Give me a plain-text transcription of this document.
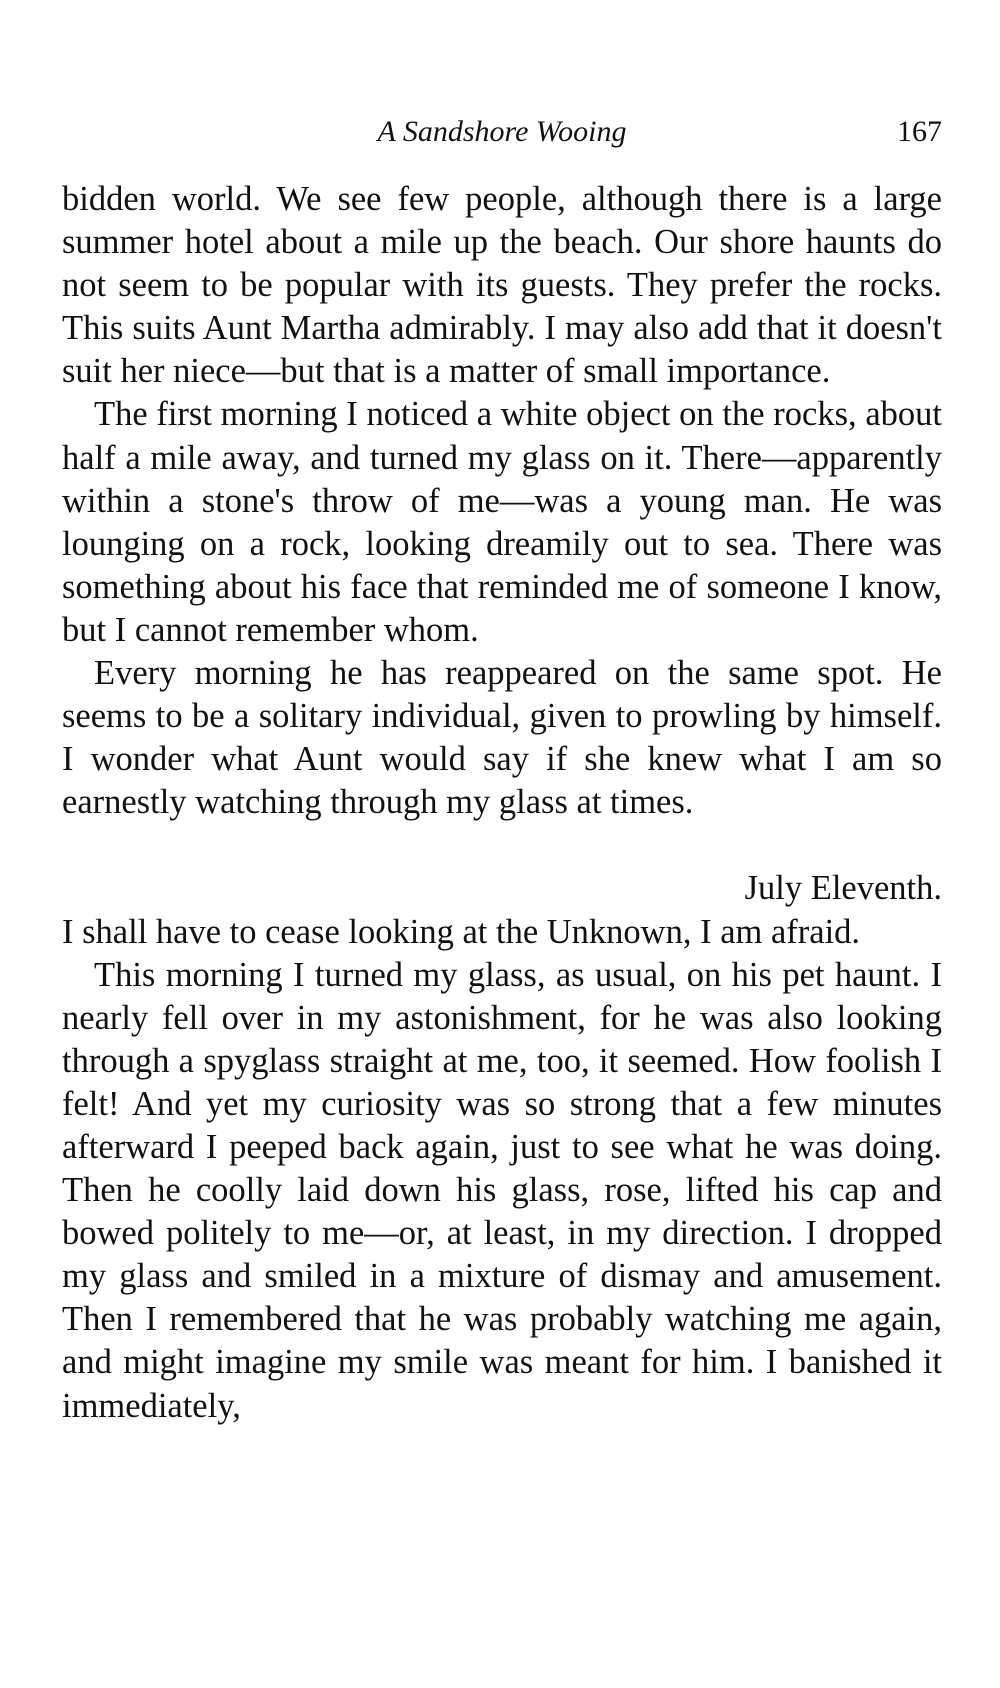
A Sandshore Wooing	167

bidden world. We see few people, although there is a large summer hotel about a mile up the beach. Our shore haunts do not seem to be popular with its guests. They prefer the rocks. This suits Aunt Martha admirably. I may also add that it doesn't suit her niece—but that is a matter of small importance.

The first morning I noticed a white object on the rocks, about half a mile away, and turned my glass on it. There—apparently within a stone's throw of me—was a young man. He was lounging on a rock, looking dreamily out to sea. There was something about his face that reminded me of someone I know, but I cannot remember whom.

Every morning he has reappeared on the same spot. He seems to be a solitary individual, given to prowling by himself. I wonder what Aunt would say if she knew what I am so earnestly watching through my glass at times.

July Eleventh.

I shall have to cease looking at the Unknown, I am afraid.

This morning I turned my glass, as usual, on his pet haunt. I nearly fell over in my astonishment, for he was also looking through a spyglass straight at me, too, it seemed. How foolish I felt! And yet my curiosity was so strong that a few minutes afterward I peeped back again, just to see what he was doing. Then he coolly laid down his glass, rose, lifted his cap and bowed politely to me—or, at least, in my direction. I dropped my glass and smiled in a mixture of dismay and amusement. Then I remembered that he was probably watching me again, and might imagine my smile was meant for him. I banished it immediately,
